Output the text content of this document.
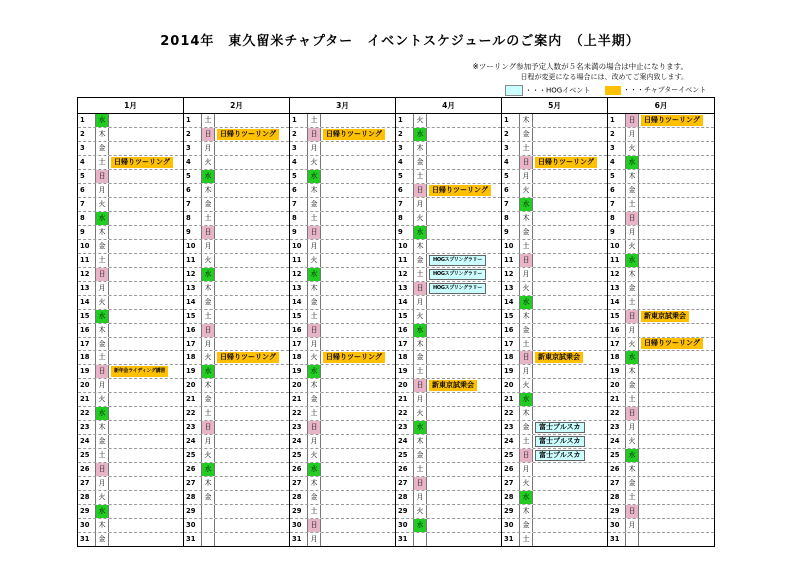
2014年　東久留米チャプター　イベントスケジュールのご案内　（上半期）
※ツーリング参加予定人数が５名未満の場合は中止になります。
日程が変更になる場合には、改めてご案内致します。
・・・HOGイベント	・・・チャプターイベント
1月
1	水
2	木
3	金
4	土	日帰りツーリング
5	日
6	月
7	火
8	水
9	木
10	金
11	土
12	日
13	月
14	火
15	水
16	木
17	金
18	土
19	日	新年会ライディング講習
20	月
21	火
22	水
23	木
24	金
25	土
26	日
27	月
28	火
29	水
30	木
31	金
2月
1	土
2	日	日帰りツーリング
3	月
4	火
5	水
6	木
7	金
8	土
9	日
10	月
11	火
12	水
13	木
14	金
15	土
16	日
17	月
18	火	日帰りツーリング
19	水
20	木
21	金
22	土
23	日
24	月
25	火
26	水
27	木
28	金
29
30
31
3月
1	土
2	日	日帰りツーリング
3	月
4	火
5	水
6	木
7	金
8	土
9	日
10	月
11	火
12	水
13	木
14	金
15	土
16	日
17	月
18	火	日帰りツーリング
19	水
20	木
21	金
22	土
23	日
24	月
25	火
26	水
27	木
28	金
29	土
30	日
31	月
4月
1	火
2	水
3	木
4	金
5	土
6	日	日帰りツーリング
7	月
8	火
9	水
10	木
11	金	HOGスプリングラリー
12	土	HOGスプリングラリー
13	日	HOGスプリングラリー
14	月
15	火
16	水
17	木
18	金
19	土
20	日	新東京試乗会
21	月
22	火
23	水
24	木
25	金
26	土
27	日
28	月
29	火
30	水
31
5月
1	木
2	金
3	土
4	日	日帰りツーリング
5	月
6	火
7	水
8	木
9	金
10	土
11	日
12	月
13	火
14	水
15	木
16	金
17	土
18	日	新東京試乗会
19	月
20	火
21	水
22	木
23	金	富士ブルスカ
24	土	富士ブルスカ
25	日	富士ブルスカ
26	月
27	火
28	水
29	木
30	金
31	土
6月
1	日	日帰りツーリング
2	月
3	火
4	水
5	木
6	金
7	土
8	日
9	月
10	火
11	水
12	木
13	金
14	土
15	日	新東京試乗会
16	月
17	火	日帰りツーリング
18	水
19	木
20	金
21	土
22	日
23	月
24	火
25	水
26	木
27	金
28	土
29	日
30	月
31
